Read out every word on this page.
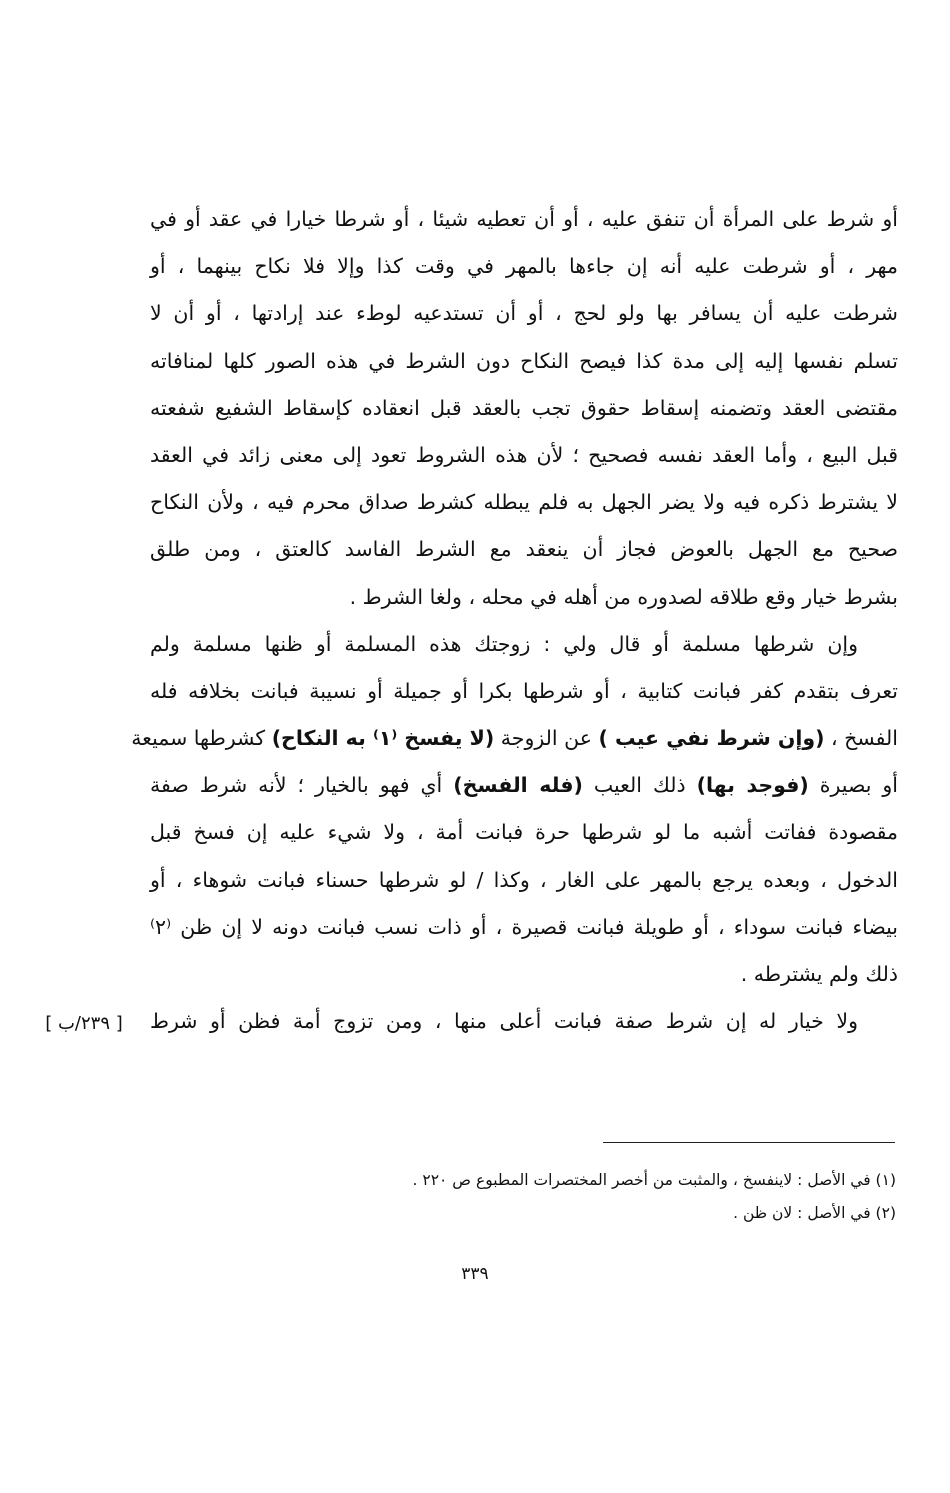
أو شرط على المرأة أن تنفق عليه ، أو أن تعطيه شيئا ، أو شرطا خيارا في عقد أو في
مهر ، أو شرطت عليه أنه إن جاءها بالمهر في وقت كذا وإلا فلا نكاح بينهما ، أو
شرطت عليه أن يسافر بها ولو لحج ، أو أن تستدعيه لوطء عند إرادتها ، أو أن لا
تسلم نفسها إليه إلى مدة كذا فيصح النكاح دون الشرط في هذه الصور كلها لمنافاته
مقتضى العقد وتضمنه إسقاط حقوق تجب بالعقد قبل انعقاده كإسقاط الشفيع شفعته
قبل البيع ، وأما العقد نفسه فصحيح ؛ لأن هذه الشروط تعود إلى معنى زائد في العقد
لا يشترط ذكره فيه ولا يضر الجهل به فلم يبطله كشرط صداق محرم فيه ، ولأن النكاح
صحيح مع الجهل بالعوض فجاز أن ينعقد مع الشرط الفاسد كالعتق ، ومن طلق
بشرط خيار وقع طلاقه لصدوره من أهله في محله ، ولغا الشرط .
وإن شرطها مسلمة أو قال ولي : زوجتك هذه المسلمة أو ظنها مسلمة ولم
تعرف بتقدم كفر فبانت كتابية ، أو شرطها بكرا أو جميلة أو نسيبة فبانت بخلافه فله
الفسخ ، (وإن شرط نفي عيب ) عن الزوجة (لا يفسخ ⁽١⁾ به النكاح) كشرطها سميعة
أو بصيرة (فوجد بها) ذلك العيب (فله الفسخ) أي فهو بالخيار ؛ لأنه شرط صفة
مقصودة ففاتت أشبه ما لو شرطها حرة فبانت أمة ، ولا شيء عليه إن فسخ قبل
الدخول ، وبعده يرجع بالمهر على الغار ، وكذا / لو شرطها حسناء فبانت شوهاء ، أو
بيضاء فبانت سوداء ، أو طويلة فبانت قصيرة ، أو ذات نسب فبانت دونه لا إن ظن ⁽٢⁾
ذلك ولم يشترطه .
ولا خيار له إن شرط صفة فبانت أعلى منها ، ومن تزوج أمة فظن أو شرط
[ ٢٣٩/ب ]
(١) في الأصل : لاينفسخ ، والمثبت من أخصر المختصرات المطبوع ص ٢٢٠ .
(٢) في الأصل : لان ظن .
٣٣٩
